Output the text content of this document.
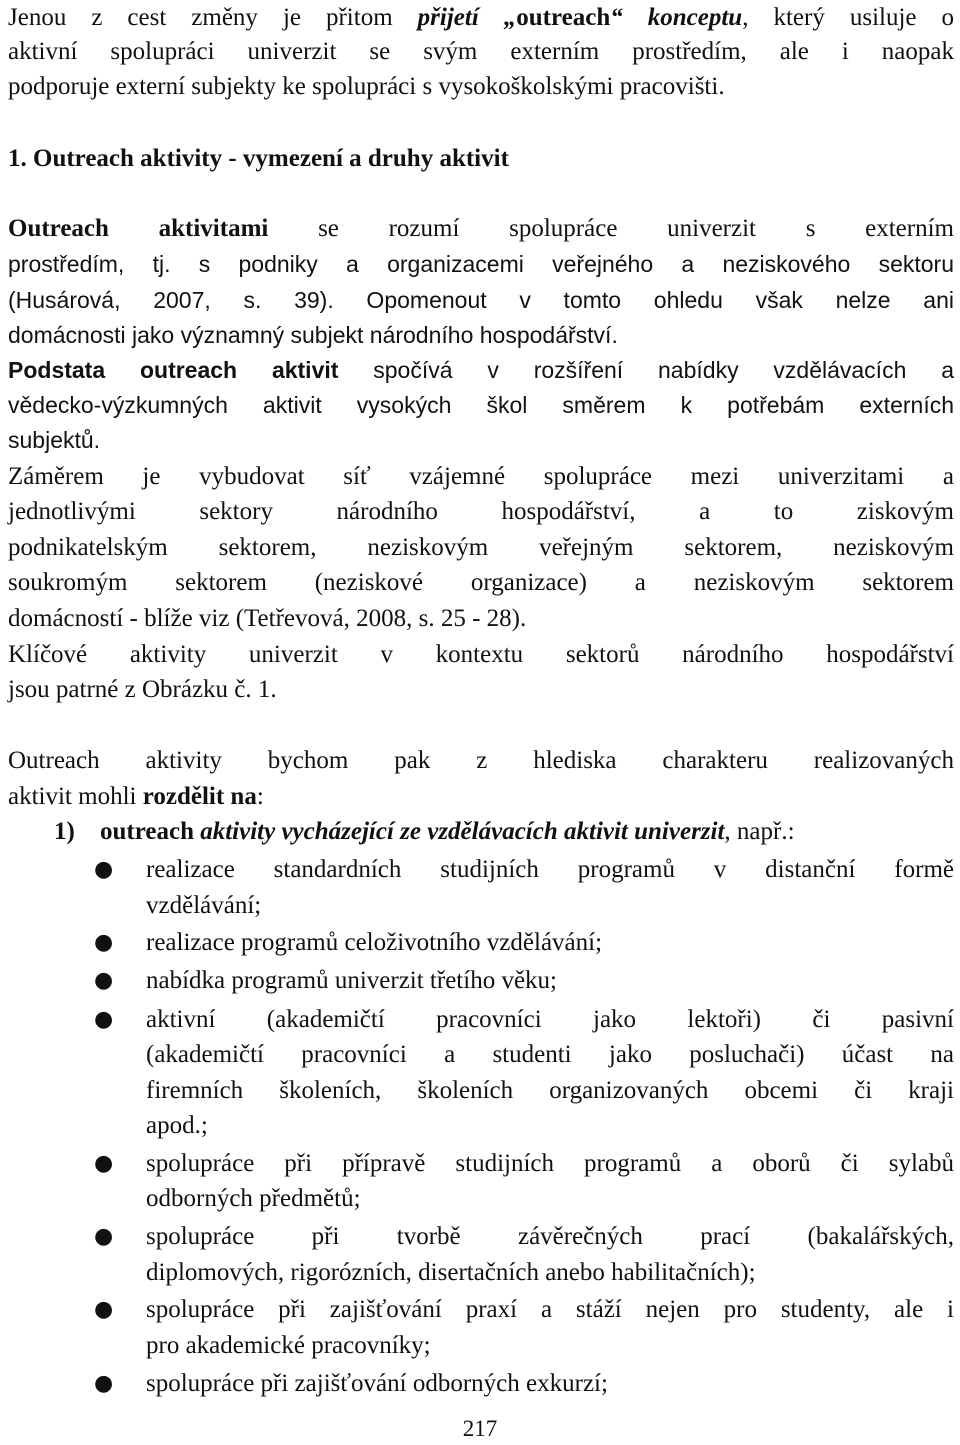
Jenou z cest změny je přitom přijetí „outreach“ konceptu, který usiluje o
aktivní spolupráci univerzit se svým externím prostředím, ale i naopak
podporuje externí subjekty ke spolupráci s vysokoškolskými pracovišti.
1. Outreach aktivity - vymezení a druhy aktivit
Outreach aktivitami se rozumí spolupráce univerzit s externím
prostředím, tj. s podniky a organizacemi veřejného a neziskového sektoru
(Husárová, 2007, s. 39). Opomenout v tomto ohledu však nelze ani
domácnosti jako významný subjekt národního hospodářství.
Podstata outreach aktivit spočívá v rozšíření nabídky vzdělávacích a
vědecko-výzkumných aktivit vysokých škol směrem k potřebám externích
subjektů.
Záměrem je vybudovat síť vzájemné spolupráce mezi univerzitami a
jednotlivými sektory národního hospodářství, a to ziskovým
podnikatelským sektorem, neziskovým veřejným sektorem, neziskovým
soukromým sektorem (neziskové organizace) a neziskovým sektorem
domácností - blíže viz (Tetřevová, 2008, s. 25 - 28).
Klíčové aktivity univerzit v kontextu sektorů národního hospodářství
jsou patrné z Obrázku č. 1.
Outreach aktivity bychom pak z hlediska charakteru realizovaných
aktivit mohli rozdělit na:
1)	outreach aktivity vycházející ze vzdělávacích aktivit univerzit, např.:
● realizace standardních studijních programů v distanční formě
vzdělávání;
● realizace programů celoživotního vzdělávání;
● nabídka programů univerzit třetího věku;
● aktivní (akademičtí pracovníci jako lektoři) či pasivní
(akademičtí pracovníci a studenti jako posluchači) účast na
firemních školeních, školeních organizovaných obcemi či kraji
apod.;
● spolupráce při přípravě studijních programů a oborů či sylabů
odborných předmětů;
● spolupráce při tvorbě závěrečných prací (bakalářských,
diplomových, rigorózních, disertačních anebo habilitačních);
● spolupráce při zajišťování praxí a stáží nejen pro studenty, ale i
pro akademické pracovníky;
● spolupráce při zajišťování odborných exkurzí;
217
